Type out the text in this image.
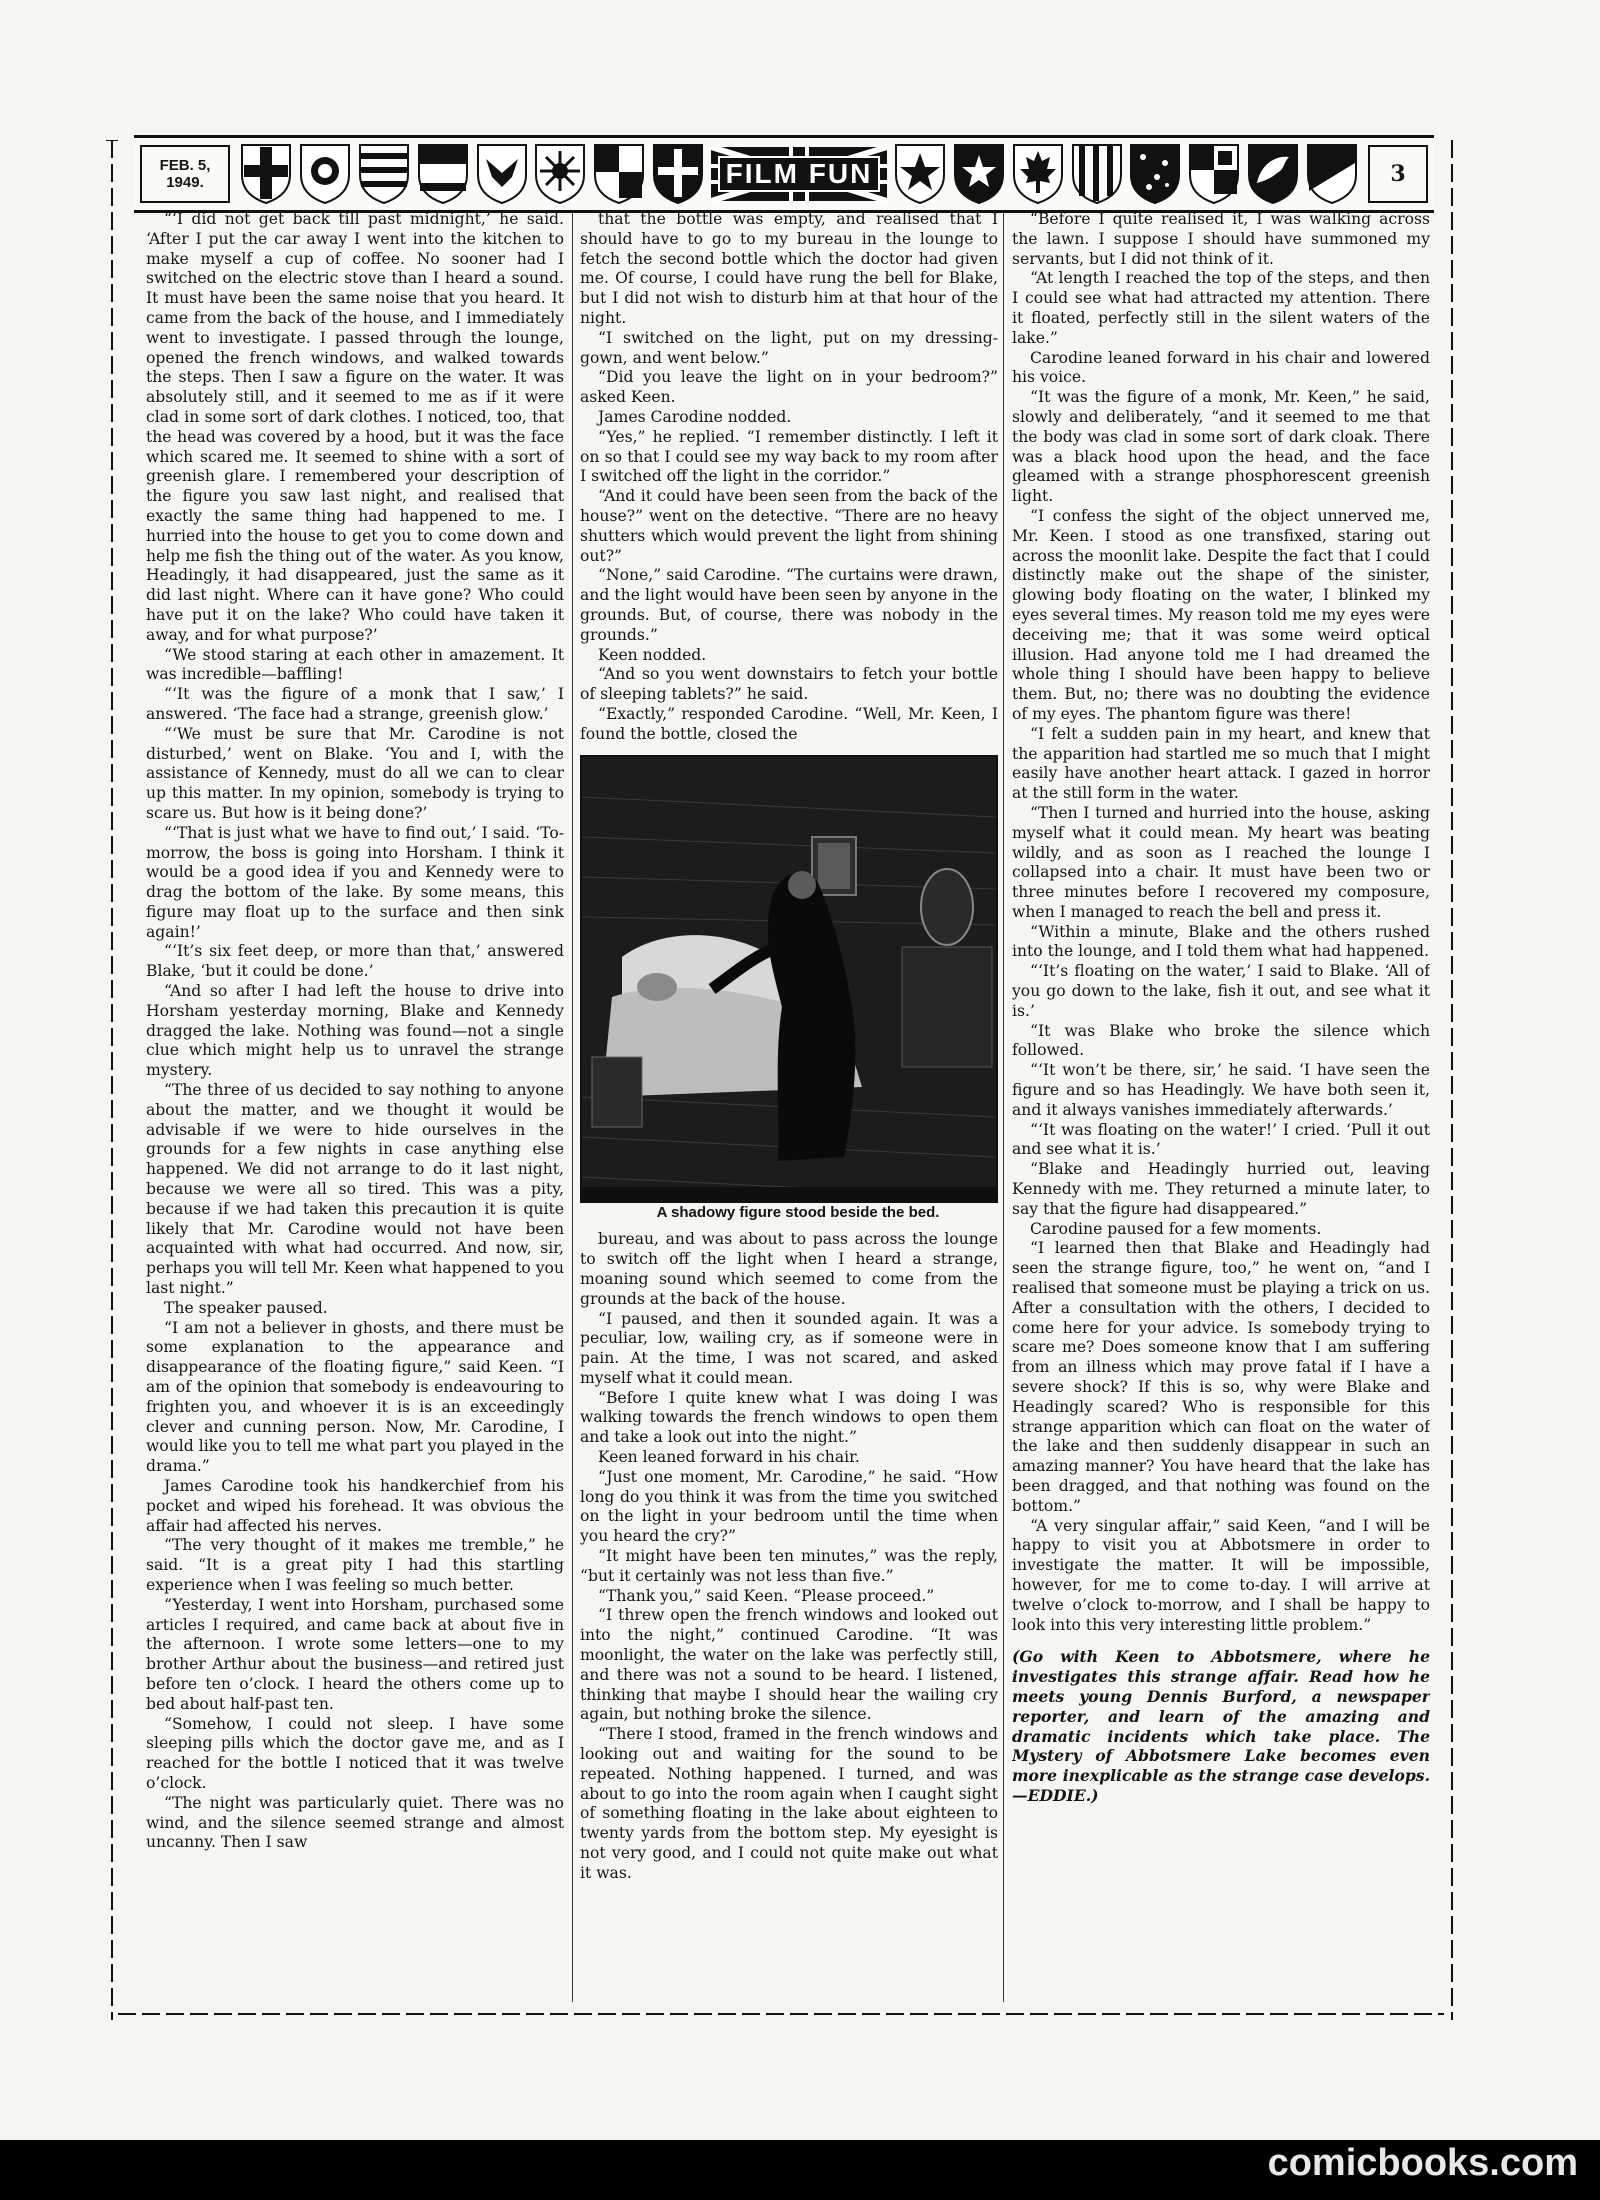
FEB. 5,
1949.	FILM FUN	3

“‘I did not get back till past midnight,’ he said. ‘After I put the car away I went into the kitchen to make myself a cup of coffee. No sooner had I switched on the electric stove than I heard a sound. It must have been the same noise that you heard. It came from the back of the house, and I immediately went to investigate. I passed through the lounge, opened the french windows, and walked towards the steps. Then I saw a figure on the water. It was absolutely still, and it seemed to me as if it were clad in some sort of dark clothes. I noticed, too, that the head was covered by a hood, but it was the face which scared me. It seemed to shine with a sort of greenish glare. I remembered your description of the figure you saw last night, and realised that exactly the same thing had happened to me. I hurried into the house to get you to come down and help me fish the thing out of the water. As you know, Headingly, it had disappeared, just the same as it did last night. Where can it have gone? Who could have put it on the lake? Who could have taken it away, and for what purpose?’

“We stood staring at each other in amazement. It was incredible—baffling!

“‘It was the figure of a monk that I saw,’ I answered. ‘The face had a strange, greenish glow.’

“‘We must be sure that Mr. Carodine is not disturbed,’ went on Blake. ‘You and I, with the assistance of Kennedy, must do all we can to clear up this matter. In my opinion, somebody is trying to scare us. But how is it being done?’

“‘That is just what we have to find out,’ I said. ‘To-morrow, the boss is going into Horsham. I think it would be a good idea if you and Kennedy were to drag the bottom of the lake. By some means, this figure may float up to the surface and then sink again!’

“‘It’s six feet deep, or more than that,’ answered Blake, ‘but it could be done.’

“And so after I had left the house to drive into Horsham yesterday morning, Blake and Kennedy dragged the lake. Nothing was found—not a single clue which might help us to unravel the strange mystery.

“The three of us decided to say nothing to anyone about the matter, and we thought it would be advisable if we were to hide ourselves in the grounds for a few nights in case anything else happened. We did not arrange to do it last night, because we were all so tired. This was a pity, because if we had taken this precaution it is quite likely that Mr. Carodine would not have been acquainted with what had occurred. And now, sir, perhaps you will tell Mr. Keen what happened to you last night.”

The speaker paused.

“I am not a believer in ghosts, and there must be some explanation to the appearance and disappearance of the floating figure,” said Keen. “I am of the opinion that somebody is endeavouring to frighten you, and whoever it is is an exceedingly clever and cunning person. Now, Mr. Carodine, I would like you to tell me what part you played in the drama.”

James Carodine took his handkerchief from his pocket and wiped his forehead. It was obvious the affair had affected his nerves.

“The very thought of it makes me tremble,” he said. “It is a great pity I had this startling experience when I was feeling so much better.

“Yesterday, I went into Horsham, purchased some articles I required, and came back at about five in the afternoon. I wrote some letters—one to my brother Arthur about the business—and retired just before ten o’clock. I heard the others come up to bed about half-past ten.

“Somehow, I could not sleep. I have some sleeping pills which the doctor gave me, and as I reached for the bottle I noticed that it was twelve o’clock.

“The night was particularly quiet. There was no wind, and the silence seemed strange and almost uncanny. Then I saw

that the bottle was empty, and realised that I should have to go to my bureau in the lounge to fetch the second bottle which the doctor had given me. Of course, I could have rung the bell for Blake, but I did not wish to disturb him at that hour of the night.

“I switched on the light, put on my dressing-gown, and went below.”

“Did you leave the light on in your bedroom?” asked Keen.

James Carodine nodded.

“Yes,” he replied. “I remember distinctly. I left it on so that I could see my way back to my room after I switched off the light in the corridor.”

“And it could have been seen from the back of the house?” went on the detective. “There are no heavy shutters which would prevent the light from shining out?”

“None,” said Carodine. “The curtains were drawn, and the light would have been seen by anyone in the grounds. But, of course, there was nobody in the grounds.”

Keen nodded.

“And so you went downstairs to fetch your bottle of sleeping tablets?” he said.

“Exactly,” responded Carodine. “Well, Mr. Keen, I found the bottle, closed the

A shadowy figure stood beside the bed.

bureau, and was about to pass across the lounge to switch off the light when I heard a strange, moaning sound which seemed to come from the grounds at the back of the house.

“I paused, and then it sounded again. It was a peculiar, low, wailing cry, as if someone were in pain. At the time, I was not scared, and asked myself what it could mean.

“Before I quite knew what I was doing I was walking towards the french windows to open them and take a look out into the night.”

Keen leaned forward in his chair.

“Just one moment, Mr. Carodine,” he said. “How long do you think it was from the time you switched on the light in your bedroom until the time when you heard the cry?”

“It might have been ten minutes,” was the reply, “but it certainly was not less than five.”

“Thank you,” said Keen. “Please proceed.”

“I threw open the french windows and looked out into the night,” continued Carodine. “It was moonlight, the water on the lake was perfectly still, and there was not a sound to be heard. I listened, thinking that maybe I should hear the wailing cry again, but nothing broke the silence.

“There I stood, framed in the french windows and looking out and waiting for the sound to be repeated. Nothing happened. I turned, and was about to go into the room again when I caught sight of something floating in the lake about eighteen to twenty yards from the bottom step. My eyesight is not very good, and I could not quite make out what it was.

“Before I quite realised it, I was walking across the lawn. I suppose I should have summoned my servants, but I did not think of it.

“At length I reached the top of the steps, and then I could see what had attracted my attention. There it floated, perfectly still in the silent waters of the lake.”

Carodine leaned forward in his chair and lowered his voice.

“It was the figure of a monk, Mr. Keen,” he said, slowly and deliberately, “and it seemed to me that the body was clad in some sort of dark cloak. There was a black hood upon the head, and the face gleamed with a strange phosphorescent greenish light.

“I confess the sight of the object unnerved me, Mr. Keen. I stood as one transfixed, staring out across the moonlit lake. Despite the fact that I could distinctly make out the shape of the sinister, glowing body floating on the water, I blinked my eyes several times. My reason told me my eyes were deceiving me; that it was some weird optical illusion. Had anyone told me I had dreamed the whole thing I should have been happy to believe them. But, no; there was no doubting the evidence of my eyes. The phantom figure was there!

“I felt a sudden pain in my heart, and knew that the apparition had startled me so much that I might easily have another heart attack. I gazed in horror at the still form in the water.

“Then I turned and hurried into the house, asking myself what it could mean. My heart was beating wildly, and as soon as I reached the lounge I collapsed into a chair. It must have been two or three minutes before I recovered my composure, when I managed to reach the bell and press it.

“Within a minute, Blake and the others rushed into the lounge, and I told them what had happened.

“‘It’s floating on the water,’ I said to Blake. ‘All of you go down to the lake, fish it out, and see what it is.’

“It was Blake who broke the silence which followed.

“‘It won’t be there, sir,’ he said. ‘I have seen the figure and so has Headingly. We have both seen it, and it always vanishes immediately afterwards.’

“‘It was floating on the water!’ I cried. ‘Pull it out and see what it is.’

“Blake and Headingly hurried out, leaving Kennedy with me. They returned a minute later, to say that the figure had disappeared.”

Carodine paused for a few moments.

“I learned then that Blake and Headingly had seen the strange figure, too,” he went on, “and I realised that someone must be playing a trick on us. After a consultation with the others, I decided to come here for your advice. Is somebody trying to scare me? Does someone know that I am suffering from an illness which may prove fatal if I have a severe shock? If this is so, why were Blake and Headingly scared? Who is responsible for this strange apparition which can float on the water of the lake and then suddenly disappear in such an amazing manner? You have heard that the lake has been dragged, and that nothing was found on the bottom.”

“A very singular affair,” said Keen, “and I will be happy to visit you at Abbotsmere in order to investigate the matter. It will be impossible, however, for me to come to-day. I will arrive at twelve o’clock to-morrow, and I shall be happy to look into this very interesting little problem.”

(Go with Keen to Abbotsmere, where he investigates this strange affair. Read how he meets young Dennis Burford, a newspaper reporter, and learn of the amazing and dramatic incidents which take place. The Mystery of Abbotsmere Lake becomes even more inexplicable as the strange case develops.—EDDIE.)

comicbooks.com
